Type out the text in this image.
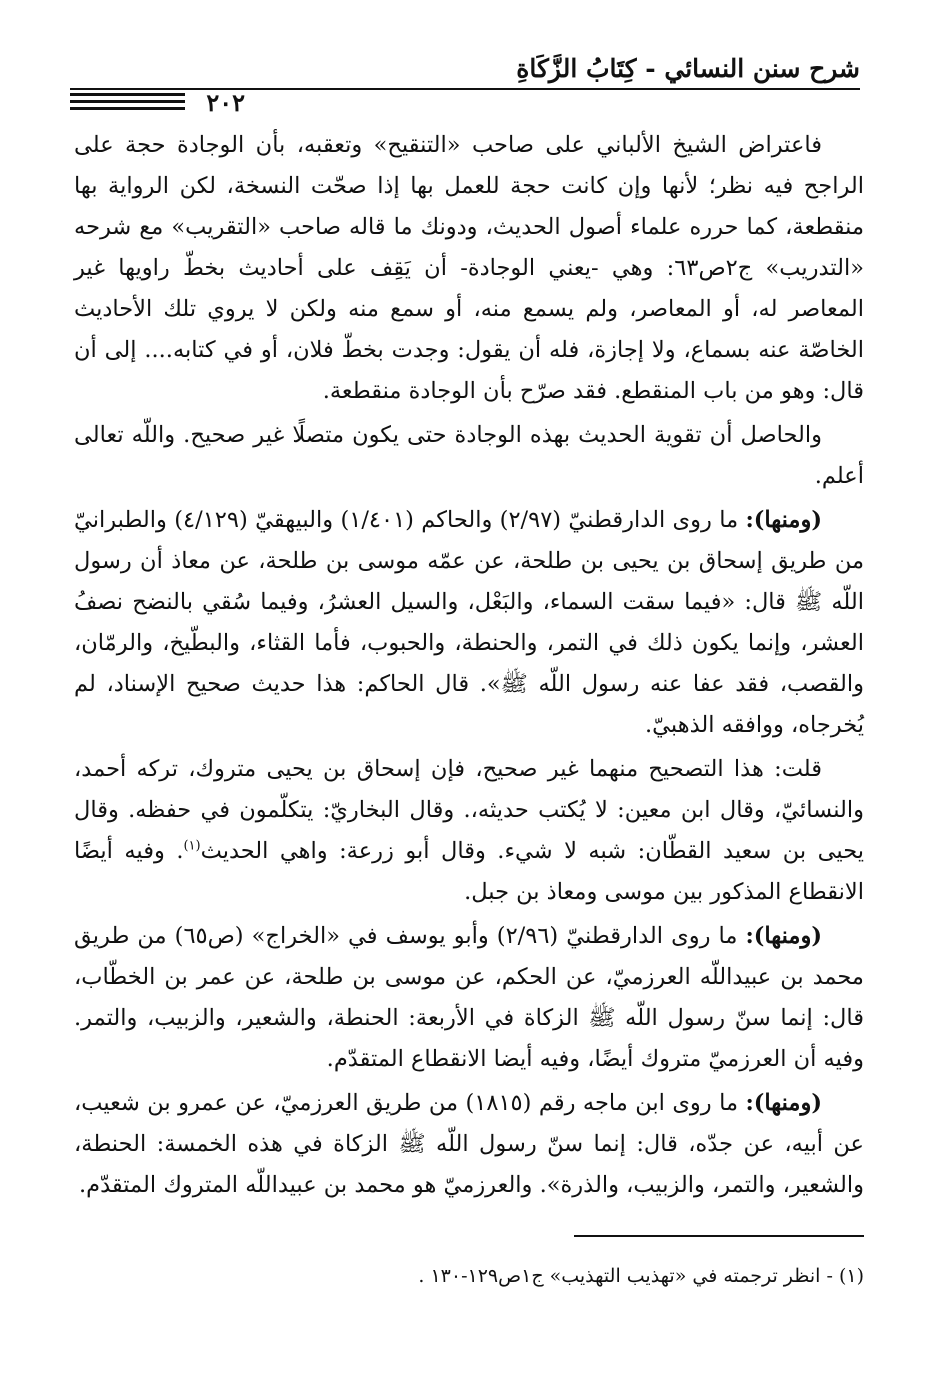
شرح سنن النسائي - كِتَابُ الزَّكَاةِ
٢٠٢

فاعتراض الشيخ الألباني على صاحب «التنقيح» وتعقبه، بأن الوجادة حجة على الراجح فيه نظر؛ لأنها وإن كانت حجة للعمل بها إذا صحّت النسخة، لكن الرواية بها منقطعة، كما حرره علماء أصول الحديث، ودونك ما قاله صاحب «التقريب» مع شرحه «التدريب» ج٢ص٦٣: وهي -يعني الوجادة- أن يَقِف على أحاديث بخطّ راويها غير المعاصر له، أو المعاصر، ولم يسمع منه، أو سمع منه ولكن لا يروي تلك الأحاديث الخاصّة عنه بسماع، ولا إجازة، فله أن يقول: وجدت بخطّ فلان، أو في كتابه.... إلى أن قال: وهو من باب المنقطع. فقد صرّح بأن الوجادة منقطعة.

والحاصل أن تقوية الحديث بهذه الوجادة حتى يكون متصلًا غير صحيح. واللّه تعالى أعلم.

(ومنها): ما روى الدارقطنيّ (٢/٩٧) والحاكم (١/٤٠١) والبيهقيّ (٤/١٢٩) والطبرانيّ من طريق إسحاق بن يحيى بن طلحة، عن عمّه موسى بن طلحة، عن معاذ أن رسول اللّه ﷺ قال: «فيما سقت السماء، والبَعْل، والسيل العشرُ، وفيما سُقي بالنضح نصفُ العشر، وإنما يكون ذلك في التمر، والحنطة، والحبوب، فأما القثاء، والبطّيخ، والرمّان، والقصب، فقد عفا عنه رسول اللّه ﷺ». قال الحاكم: هذا حديث صحيح الإسناد، لم يُخرجاه، ووافقه الذهبيّ.

قلت: هذا التصحيح منهما غير صحيح، فإن إسحاق بن يحيى متروك، تركه أحمد، والنسائيّ، وقال ابن معين: لا يُكتب حديثه،. وقال البخاريّ: يتكلّمون في حفظه. وقال يحيى بن سعيد القطّان: شبه لا شيء. وقال أبو زرعة: واهي الحديث$^{(١)}$. وفيه أيضًا الانقطاع المذكور بين موسى ومعاذ بن جبل.

(ومنها): ما روى الدارقطنيّ (٢/٩٦) وأبو يوسف في «الخراج» (ص٦٥) من طريق محمد بن عبيداللّه العرزميّ، عن الحكم، عن موسى بن طلحة، عن عمر بن الخطّاب، قال: إنما سنّ رسول اللّه ﷺ الزكاة في الأربعة: الحنطة، والشعير، والزبيب، والتمر. وفيه أن العرزميّ متروك أيضًا، وفيه أيضا الانقطاع المتقدّم.

(ومنها): ما روى ابن ماجه رقم (١٨١٥) من طريق العرزميّ، عن عمرو بن شعيب، عن أبيه، عن جدّه، قال: إنما سنّ رسول اللّه ﷺ الزكاة في هذه الخمسة: الحنطة، والشعير، والتمر، والزبيب، والذرة». والعرزميّ هو محمد بن عبيداللّه المتروك المتقدّم.

(١) - انظر ترجمته في «تهذيب التهذيب» ج١ص١٢٩-١٣٠ .
